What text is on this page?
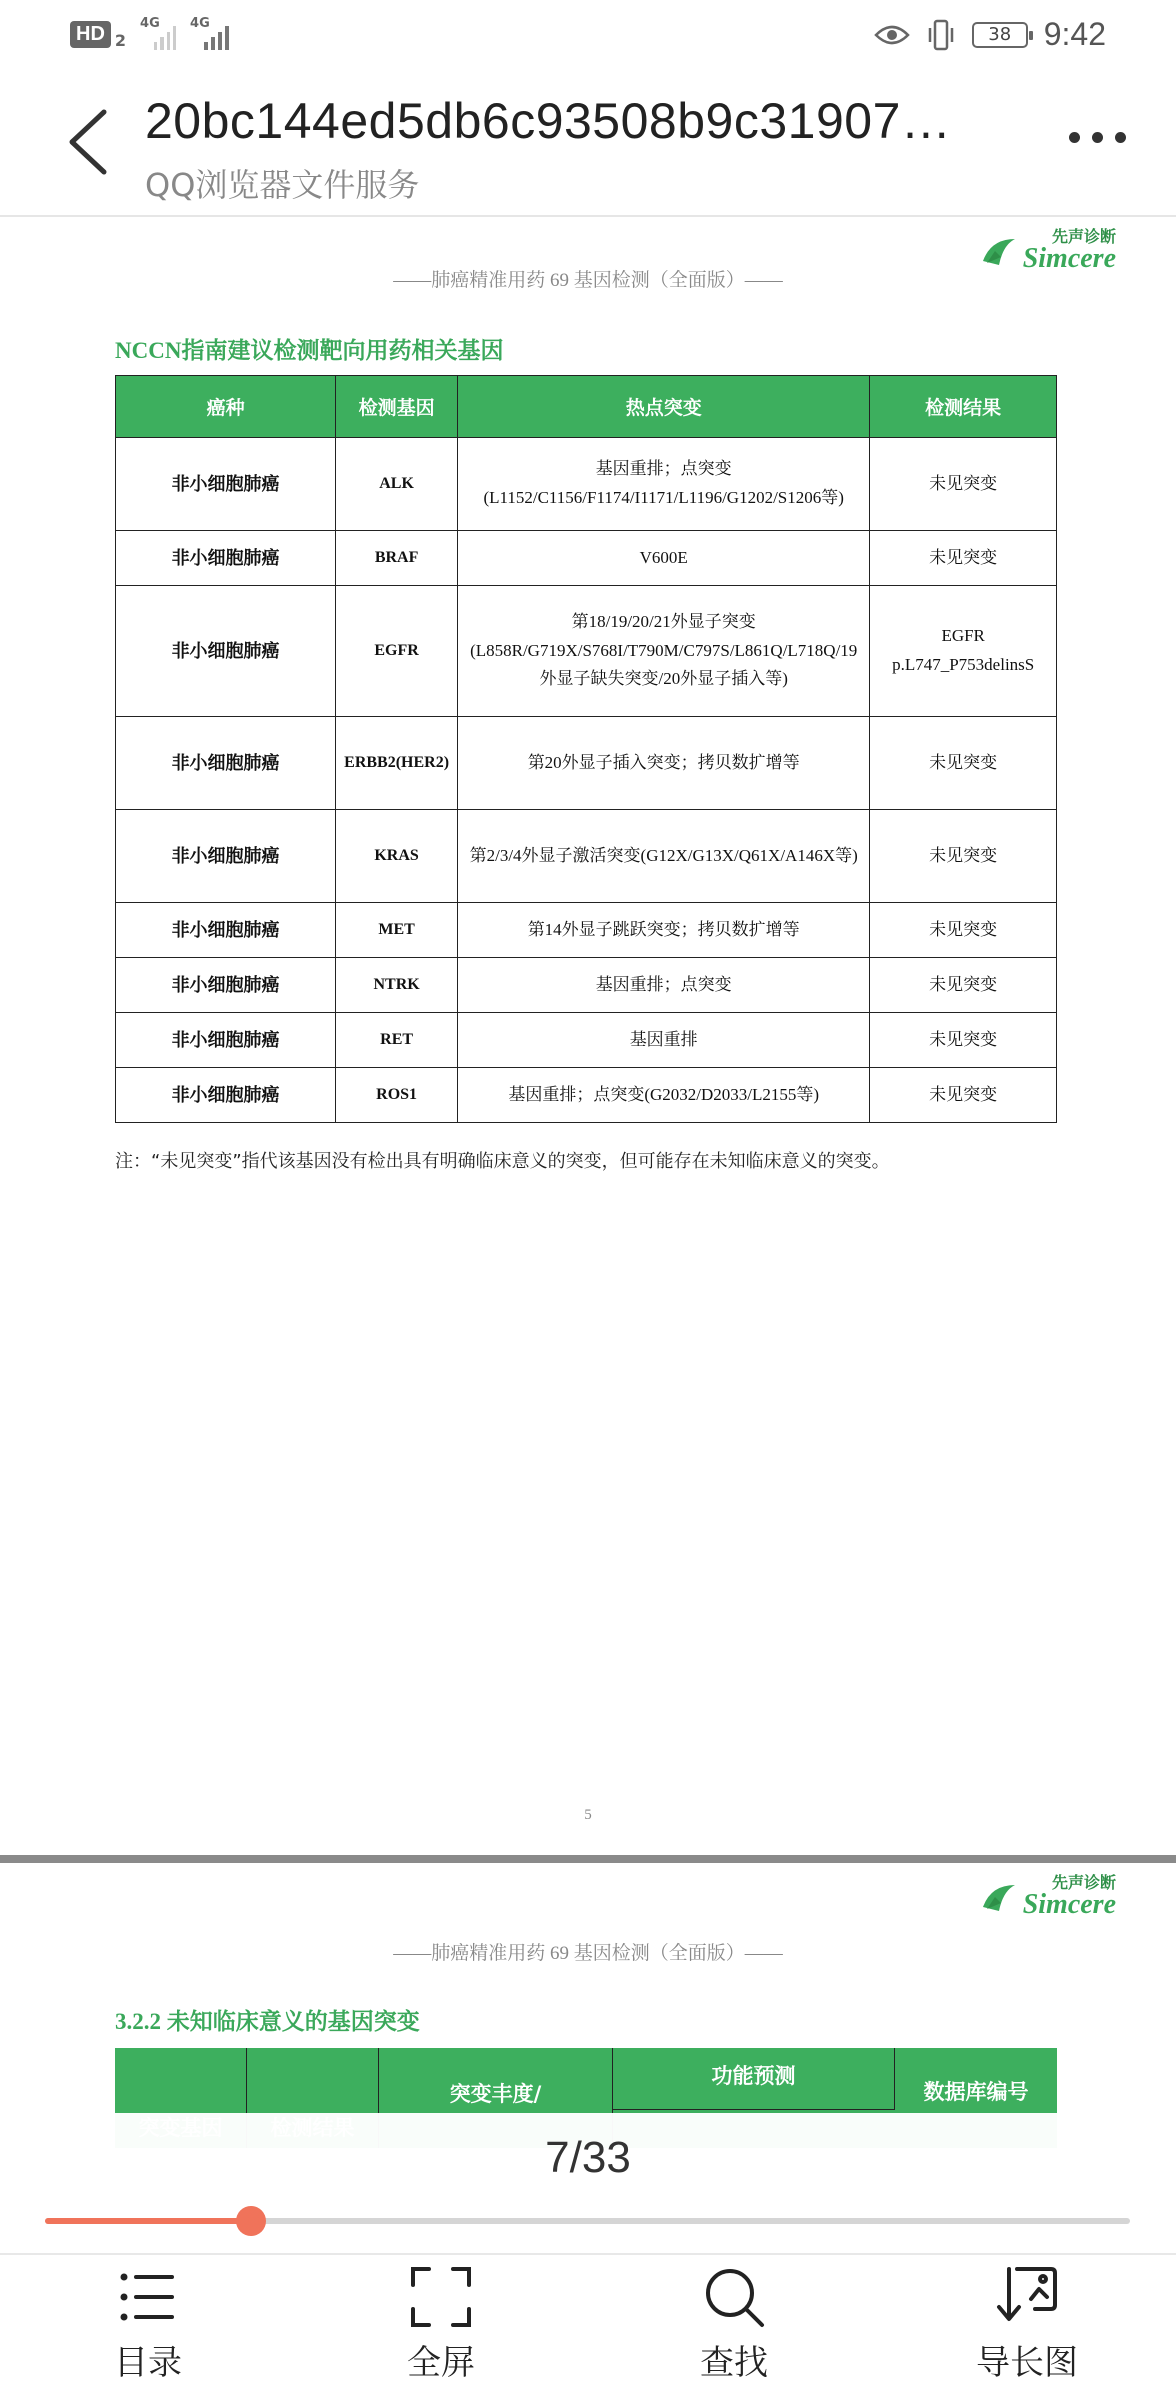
HD 2
4G 4G	38	9:42
20bc144ed5db6c93508b9c31907…
QQ浏览器文件服务
先声诊断
Simcere
——肺癌精准用药 69 基因检测（全面版）——
NCCN指南建议检测靶向用药相关基因
癌种	检测基因	热点突变	检测结果
非小细胞肺癌	ALK	基因重排；点突变(L1152/C1156/F1174/I1171/L1196/G1202/S1206等)	未见突变
非小细胞肺癌	BRAF	V600E	未见突变
非小细胞肺癌	EGFR	第18/19/20/21外显子突变(L858R/G719X/S768I/T790M/C797S/L861Q/L718Q/19外显子缺失突变/20外显子插入等)	EGFR p.L747_P753delinsS
非小细胞肺癌	ERBB2(HER2)	第20外显子插入突变；拷贝数扩增等	未见突变
非小细胞肺癌	KRAS	第2/3/4外显子激活突变(G12X/G13X/Q61X/A146X等)	未见突变
非小细胞肺癌	MET	第14外显子跳跃突变；拷贝数扩增等	未见突变
非小细胞肺癌	NTRK	基因重排；点突变	未见突变
非小细胞肺癌	RET	基因重排	未见突变
非小细胞肺癌	ROS1	基因重排；点突变(G2032/D2033/L2155等)	未见突变
注：“未见突变”指代该基因没有检出具有明确临床意义的突变，但可能存在未知临床意义的突变。
5
先声诊断
Simcere
——肺癌精准用药 69 基因检测（全面版）——
3.2.2 未知临床意义的基因突变
突变丰度/
功能预测
数据库编号
7/33
目录	全屏	查找	导长图
